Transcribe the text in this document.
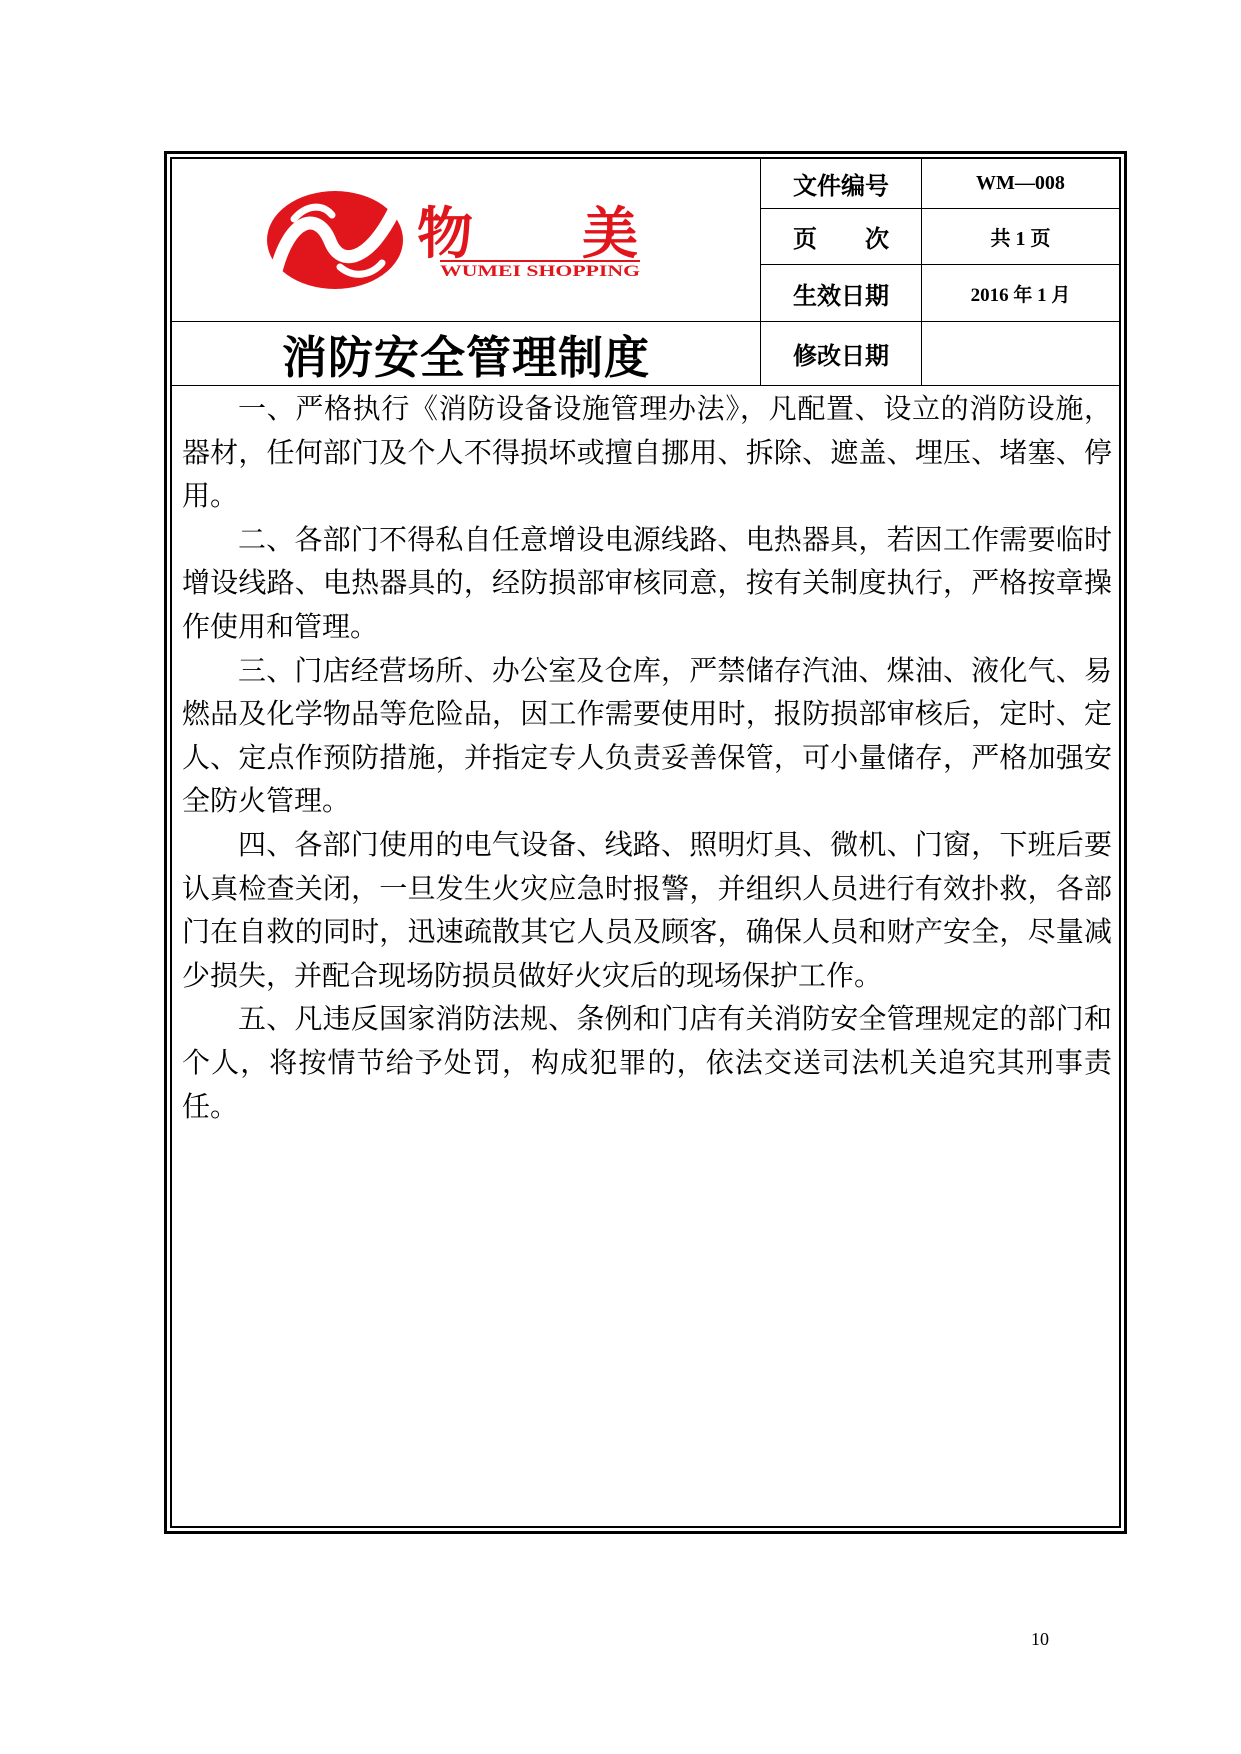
物 美
WUMEI SHOPPING
文件编号	WM—008
页　　次	共 1 页
生效日期	2016 年 1 月
消防安全管理制度	修改日期

一、严格执行《消防设备设施管理办法》，凡配置、设立的消防设施，器材，任何部门及个人不得损坏或擅自挪用、拆除、遮盖、埋压、堵塞、停用。

二、各部门不得私自任意增设电源线路、电热器具，若因工作需要临时增设线路、电热器具的，经防损部审核同意，按有关制度执行，严格按章操作使用和管理。

三、门店经营场所、办公室及仓库，严禁储存汽油、煤油、液化气、易燃品及化学物品等危险品，因工作需要使用时，报防损部审核后，定时、定人、定点作预防措施，并指定专人负责妥善保管，可小量储存，严格加强安全防火管理。

四、各部门使用的电气设备、线路、照明灯具、微机、门窗，下班后要认真检查关闭，一旦发生火灾应急时报警，并组织人员进行有效扑救，各部门在自救的同时，迅速疏散其它人员及顾客，确保人员和财产安全，尽量减少损失，并配合现场防损员做好火灾后的现场保护工作。

五、凡违反国家消防法规、条例和门店有关消防安全管理规定的部门和个人，将按情节给予处罚，构成犯罪的，依法交送司法机关追究其刑事责任。

10
